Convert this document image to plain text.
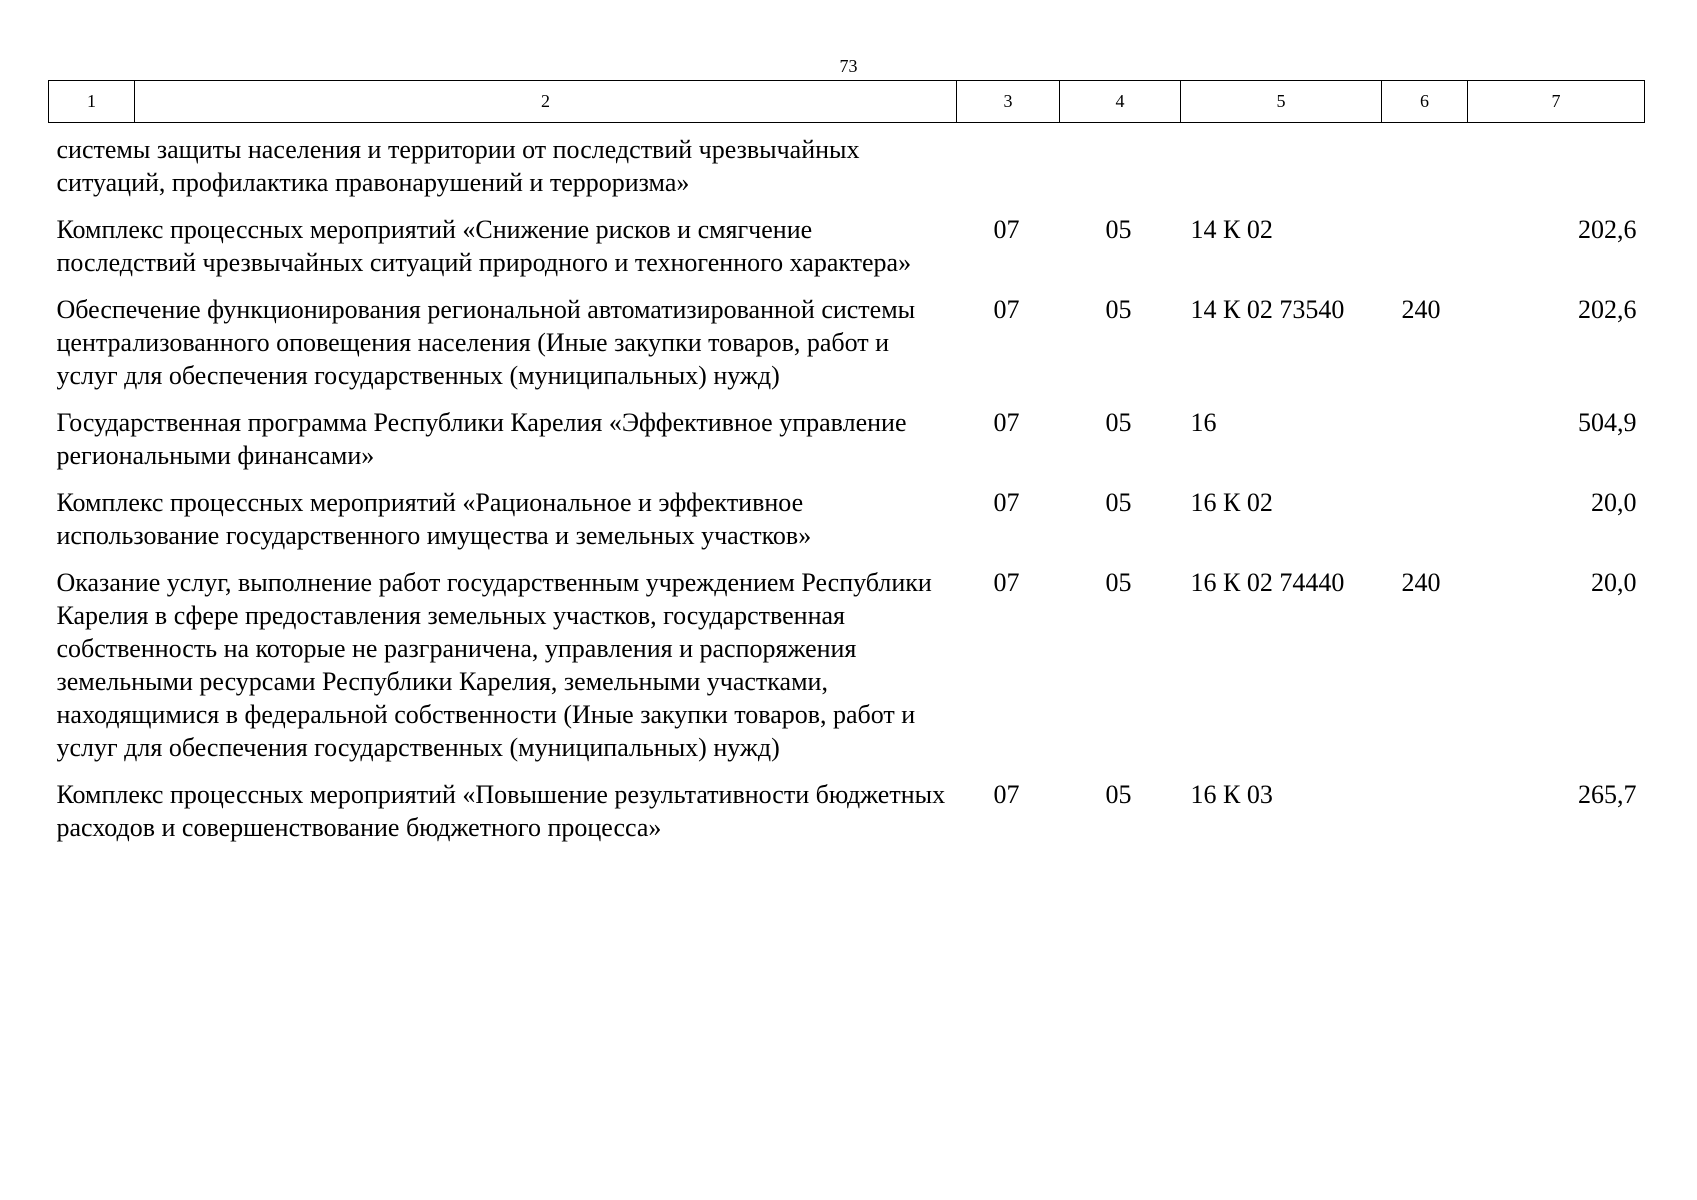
73
1	2	3	4	5	6	7
системы защиты населения и территории от последствий чрезвычайных ситуаций, профилактика правонарушений и терроризма»						
Комплекс процессных мероприятий «Снижение рисков и смягчение последствий чрезвычайных ситуаций природного и техногенного характера»		07	05	14 К 02		202,6
Обеспечение функционирования региональной автоматизированной системы централизованного оповещения населения (Иные закупки товаров, работ и услуг для обеспечения государственных (муниципальных) нужд)		07	05	14 К 02 73540	240	202,6
Государственная программа Республики Карелия «Эффективное управление региональными финансами»		07	05	16		504,9
Комплекс процессных мероприятий «Рациональное и эффективное использование государственного имущества и земельных участков»		07	05	16 К 02		20,0
Оказание услуг, выполнение работ государственным учреждением Республики Карелия в сфере предоставления земельных участков, государственная собственность на которые не разграничена, управления и распоряжения земельными ресурсами Республики Карелия, земельными участками, находящимися в федеральной собственности (Иные закупки товаров, работ и услуг для обеспечения государственных (муниципальных) нужд)		07	05	16 К 02 74440	240	20,0
Комплекс процессных мероприятий «Повышение результативности бюджетных расходов и совершенствование бюджетного процесса»		07	05	16 К 03		265,7
